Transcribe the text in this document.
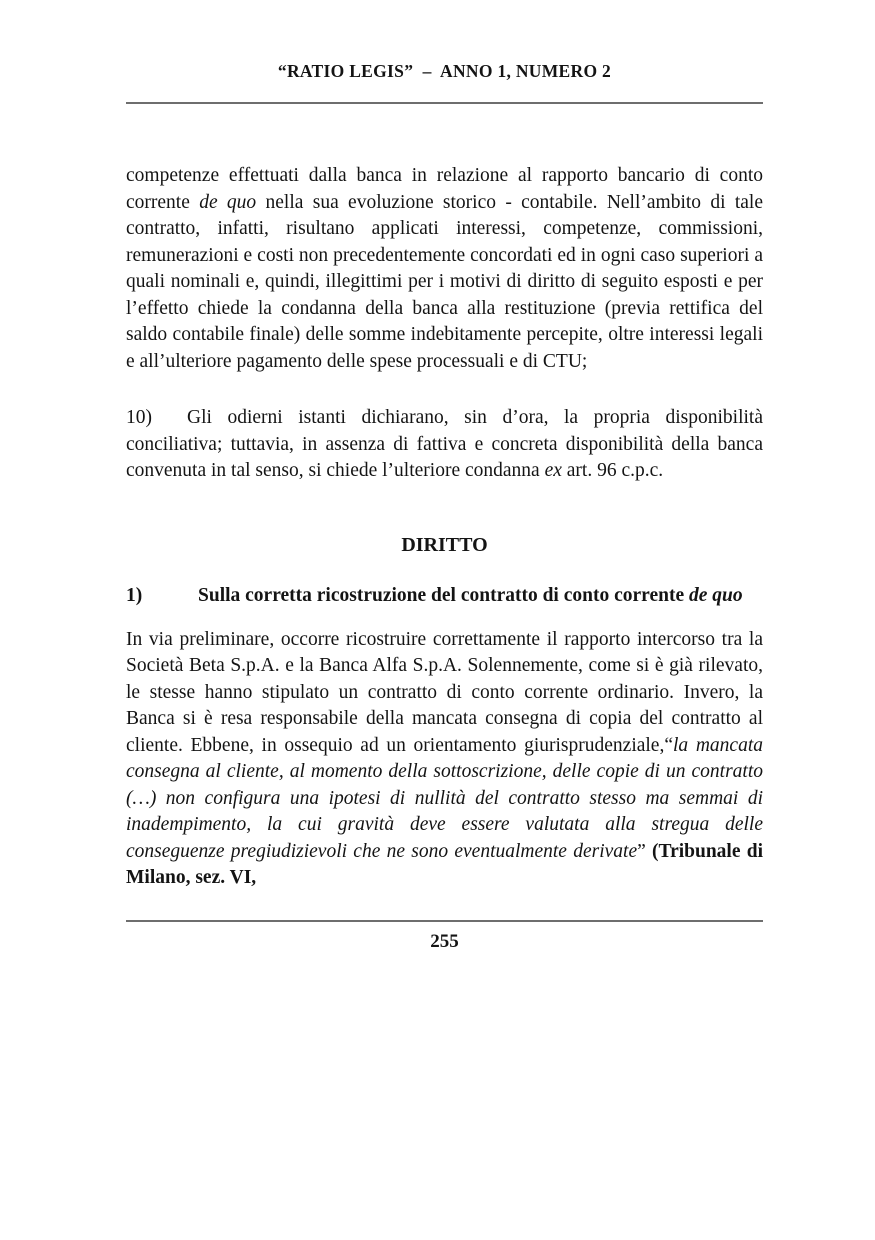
“RATIO LEGIS”  –  ANNO 1, NUMERO 2

competenze effettuati dalla banca in relazione al rapporto bancario di conto corrente de quo nella sua evoluzione storico - contabile. Nell’ambito di tale contratto, infatti, risultano applicati interessi, competenze, commissioni, remunerazioni e costi non precedentemente concordati ed in ogni caso superiori a quali nominali e, quindi, illegittimi per i motivi di diritto di seguito esposti e per l’effetto chiede la condanna della banca alla restituzione (previa rettifica del saldo contabile finale) delle somme indebitamente percepite, oltre interessi legali e all’ulteriore pagamento delle spese processuali e di CTU;

10) Gli odierni istanti dichiarano, sin d’ora, la propria disponibilità conciliativa; tuttavia, in assenza di fattiva e concreta disponibilità della banca convenuta in tal senso, si chiede l’ulteriore condanna ex art. 96 c.p.c.

DIRITTO
1)	Sulla corretta ricostruzione del contratto di conto corrente de quo

In via preliminare, occorre ricostruire correttamente il rapporto intercorso tra la Società Beta S.p.A. e la Banca Alfa S.p.A. Solennemente, come si è già rilevato, le stesse hanno stipulato un contratto di conto corrente ordinario. Invero, la Banca si è resa responsabile della mancata consegna di copia del contratto al cliente. Ebbene, in ossequio ad un orientamento giurisprudenziale,“la mancata consegna al cliente, al momento della sottoscrizione, delle copie di un contratto (…) non configura una ipotesi di nullità del contratto stesso ma semmai di inadempimento, la cui gravità deve essere valutata alla stregua delle conseguenze pregiudizievoli che ne sono eventualmente derivate” (Tribunale di Milano, sez. VI,

255
